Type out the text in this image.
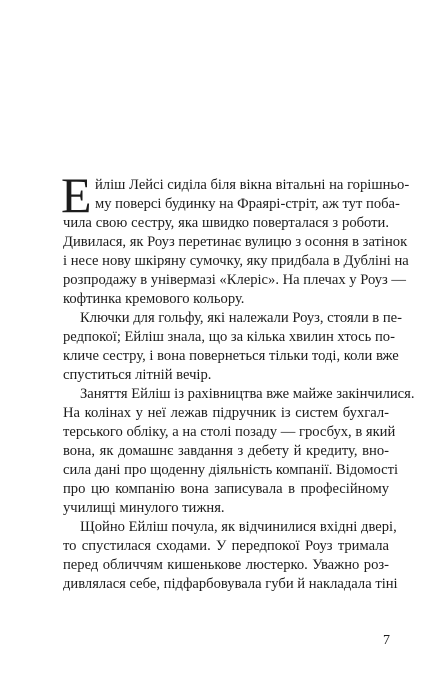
Е йліш Лейсі сиділа біля вікна вітальні на горішньо-
му поверсі будинку на Фраярі-стріт, аж тут поба-
чила свою сестру, яка швидко поверталася з роботи.
Дивилася, як Роуз перетинає вулицю з осоння в затінок
і несе нову шкіряну сумочку, яку придбала в Дубліні на
розпродажу в універмазі «Клеріс». На плечах у Роуз —
кофтинка кремового кольору.
Ключки для гольфу, які належали Роуз, стояли в пе-
редпокої; Ейліш знала, що за кілька хвилин хтось по-
кличе сестру, і вона повернеться тільки тоді, коли вже
спуститься літній вечір.
Заняття Ейліш із рахівництва вже майже закінчилися.
На колінах у неї лежав підручник із систем бухгал-
терського обліку, а на столі позаду — гросбух, в який
вона, як домашнє завдання з дебету й кредиту, вно-
сила дані про щоденну діяльність компанії. Відомості
про цю компанію вона записувала в професійному
училищі минулого тижня.
Щойно Ейліш почула, як відчинилися вхідні двері,
то спустилася сходами. У передпокої Роуз тримала
перед обличчям кишенькове люстерко. Уважно роз-
дивлялася себе, підфарбовувала губи й накладала тіні
7
